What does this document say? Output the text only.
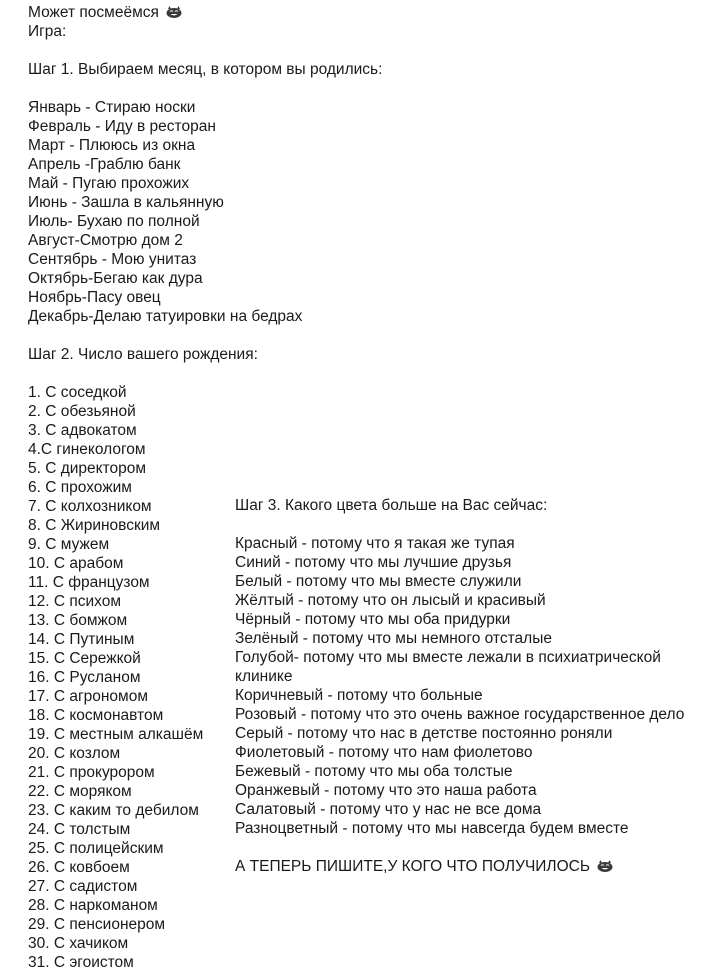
Может посмеёмся
Игра:
Шаг 1. Выбираем месяц, в котором вы родились:
Январь - Стираю носки
Февраль - Иду в ресторан
Март - Плююсь из окна
Апрель -Граблю банк
Май - Пугаю прохожих
Июнь - Зашла в кальянную
Июль- Бухаю по полной
Август-Смотрю дом 2
Сентябрь - Мою унитаз
Октябрь-Бегаю как дура
Ноябрь-Пасу овец
Декабрь-Делаю татуировки на бедрах
Шаг 2. Число вашего рождения:
1. С соседкой
2. С обезьяной
3. С адвокатом
4.С гинекологом
5. С директором
6. С прохожим
7. С колхозником
8. С Жириновским
9. С мужем
10. С арабом
11. С французом
12. С психом
13. С бомжом
14. С Путиным
15. С Сережкой
16. С Русланом
17. С агрономом
18. С космонавтом
19. С местным алкашём
20. С козлом
21. С прокурором
22. С моряком
23. С каким то дебилом
24. С толстым
25. С полицейским
26. С ковбоем
27. С садистом
28. С наркоманом
29. С пенсионером
30. С хачиком
31. С эгоистом
Шаг 3. Какого цвета больше на Вас сейчас:
Красный - потому что я такая же тупая
Синий - потому что мы лучшие друзья
Белый - потому что мы вместе служили
Жёлтый - потому что он лысый и красивый
Чёрный - потому что мы оба придурки
Зелёный - потому что мы немного отсталые
Голубой- потому что мы вместе лежали в психиатрической клинике
Коричневый - потому что больные
Розовый - потому что это очень важное государственное дело
Серый - потому что нас в детстве постоянно роняли
Фиолетовый - потому что нам фиолетово
Бежевый - потому что мы оба толстые
Оранжевый - потому что это наша работа
Салатовый - потому что у нас не все дома
Разноцветный - потому что мы навсегда будем вместе
А ТЕПЕРЬ ПИШИТЕ,У КОГО ЧТО ПОЛУЧИЛОСЬ
